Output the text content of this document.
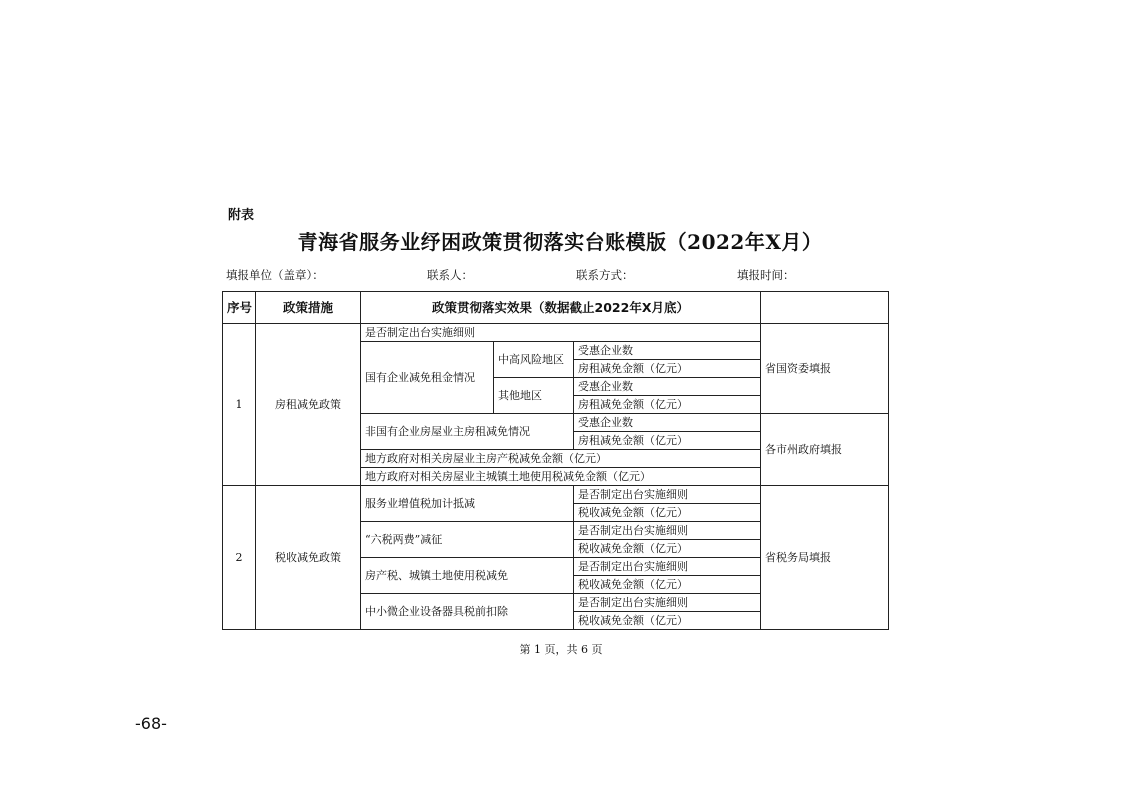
附表
青海省服务业纾困政策贯彻落实台账模版（2022年X月）
填报单位（盖章）：	联系人：	联系方式：	填报时间：
序号	政策措施	政策贯彻落实效果（数据截止2022年X月底）			
1	房租减免政策	是否制定出台实施细则			省国资委填报
		国有企业减免租金情况	中高风险地区	受惠企业数	
				房租减免金额（亿元）	
			其他地区	受惠企业数	
				房租减免金额（亿元）	
		非国有企业房屋业主房租减免情况		受惠企业数	各市州政府填报
				房租减免金额（亿元）	
		地方政府对相关房屋业主房产税减免金额（亿元）			
		地方政府对相关房屋业主城镇土地使用税减免金额（亿元）			
2	税收减免政策	服务业增值税加计抵减		是否制定出台实施细则	省税务局填报
				税收减免金额（亿元）	
		“六税两费”减征		是否制定出台实施细则	
				税收减免金额（亿元）	
		房产税、城镇土地使用税减免		是否制定出台实施细则	
				税收减免金额（亿元）	
		中小微企业设备器具税前扣除		是否制定出台实施细则	
				税收减免金额（亿元）	
第 1 页，共 6 页
-68-
